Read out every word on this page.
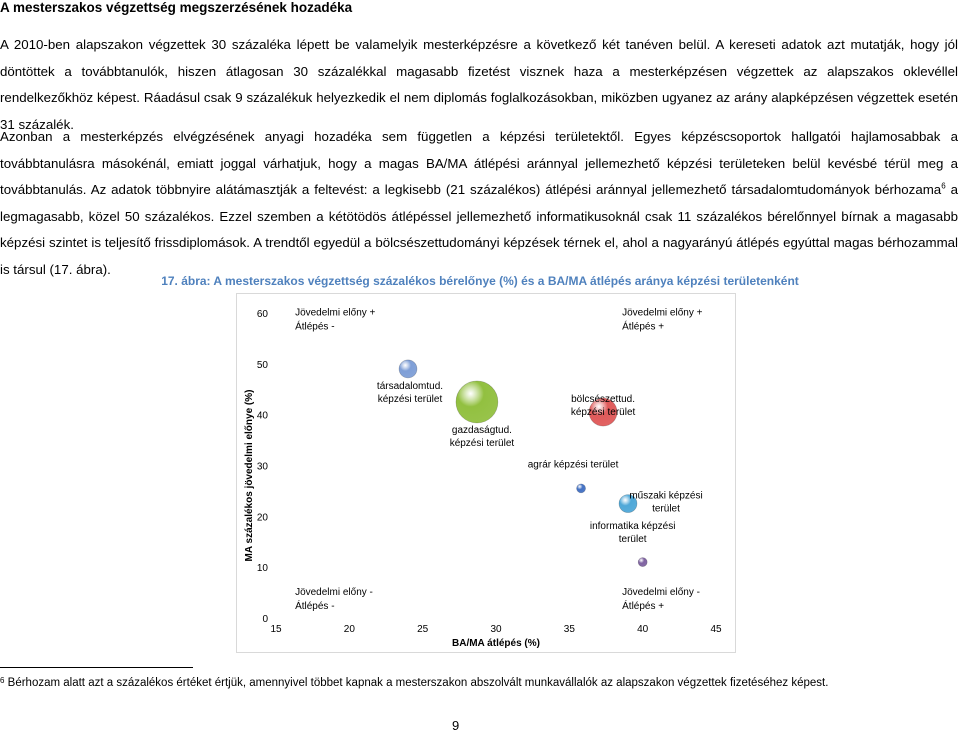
A mesterszakos végzettség megszerzésének hozadéka

A 2010-ben alapszakon végzettek 30 százaléka lépett be valamelyik mesterképzésre a következő két tanéven belül. A kereseti adatok azt mutatják, hogy jól döntöttek a továbbtanulók, hiszen átlagosan 30 százalékkal magasabb fizetést visznek haza a mesterképzésen végzettek az alapszakos oklevéllel rendelkezőkhöz képest. Ráadásul csak 9 százalékuk helyezkedik el nem diplomás foglalkozásokban, miközben ugyanez az arány alapképzésen végzettek esetén 31 százalék.

Azonban a mesterképzés elvégzésének anyagi hozadéka sem független a képzési területektől. Egyes képzéscsoportok hallgatói hajlamosabbak a továbbtanulásra másokénál, emiatt joggal várhatjuk, hogy a magas BA/MA átlépési aránnyal jellemezhető képzési területeken belül kevésbé térül meg a továbbtanulás. Az adatok többnyire alátámasztják a feltevést: a legkisebb (21 százalékos) átlépési aránnyal jellemezhető társadalomtudományok bérhozama$^6$ a legmagasabb, közel 50 százalékos. Ezzel szemben a kétötödös átlépéssel jellemezhető informatikusoknál csak 11 százalékos bérelőnnyel bírnak a magasabb képzési szintet is teljesítő frissdiplomások. A trendtől egyedül a bölcsészettudományi képzések térnek el, ahol a nagyarányú átlépés egyúttal magas bérhozammal is társul (17. ábra).

17. ábra: A mesterszakos végzettség százalékos bérelőnye (%) és a BA/MA átlépés aránya képzési területenként
0
10
20
30
40
50
60
15	20	25	30	35	40	45
BA/MA átlépés (%)
MA százalékos jövedelmi előnye (%)
Jövedelmi előny +
Átlépés -
Jövedelmi előny +
Átlépés +
Jövedelmi előny -
Átlépés -
Jövedelmi előny -
Átlépés +
társadalomtud.
képzési terület
gazdaságtud.
képzési terület
bölcsészettud.
képzési terület
agrár képzési terület
műszaki képzési
terület
informatika képzési
terület
$^6$ Bérhozam alatt azt a százalékos értéket értjük, amennyivel többet kapnak a mesterszakon abszolvált munkavállalók az alapszakon végzettek fizetéséhez képest.
9
